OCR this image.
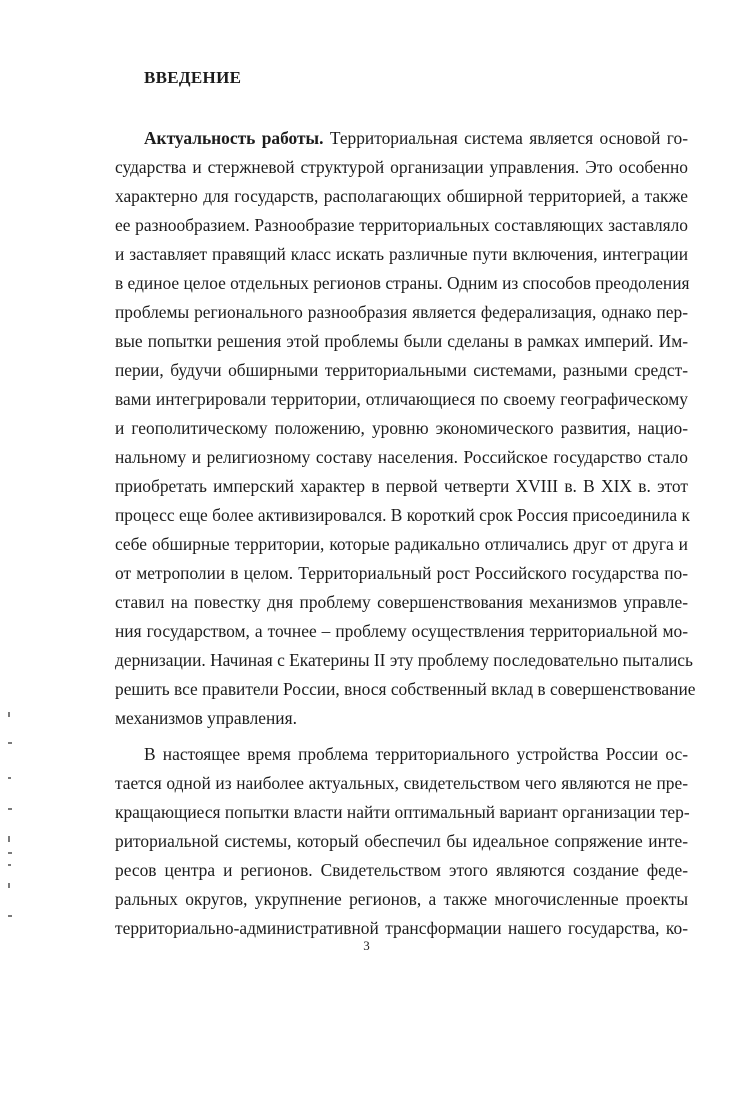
ВВЕДЕНИЕ

Актуальность работы. Территориальная система является основой го-

сударства и стержневой структурой организации управления. Это особенно

характерно для государств, располагающих обширной территорией, а также

ее разнообразием. Разнообразие территориальных составляющих заставляло

и заставляет правящий класс искать различные пути включения, интеграции

в единое целое отдельных регионов страны. Одним из способов преодоления

проблемы регионального разнообразия является федерализация, однако пер-

вые попытки решения этой проблемы были сделаны в рамках империй. Им-

перии, будучи обширными территориальными системами, разными средст-

вами интегрировали территории, отличающиеся по своему географическому

и геополитическому положению, уровню экономического развития, нацио-

нальному и религиозному составу населения. Российское государство стало

приобретать имперский характер в первой четверти XVIII в. В XIX в. этот

процесс еще более активизировался. В короткий срок Россия присоединила к

себе обширные территории, которые радикально отличались друг от друга и

от метрополии в целом. Территориальный рост Российского государства по-

ставил на повестку дня проблему совершенствования механизмов управле-

ния государством, а точнее – проблему осуществления территориальной мо-

дернизации. Начиная с Екатерины II эту проблему последовательно пытались

решить все правители России, внося собственный вклад в совершенствование

механизмов управления.

В настоящее время проблема территориального устройства России ос-

тается одной из наиболее актуальных, свидетельством чего являются не пре-

кращающиеся попытки власти найти оптимальный вариант организации тер-

риториальной системы, который обеспечил бы идеальное сопряжение инте-

ресов центра и регионов. Свидетельством этого являются создание феде-

ральных округов, укрупнение регионов, а также многочисленные проекты

территориально-административной трансформации нашего государства, ко-

3
